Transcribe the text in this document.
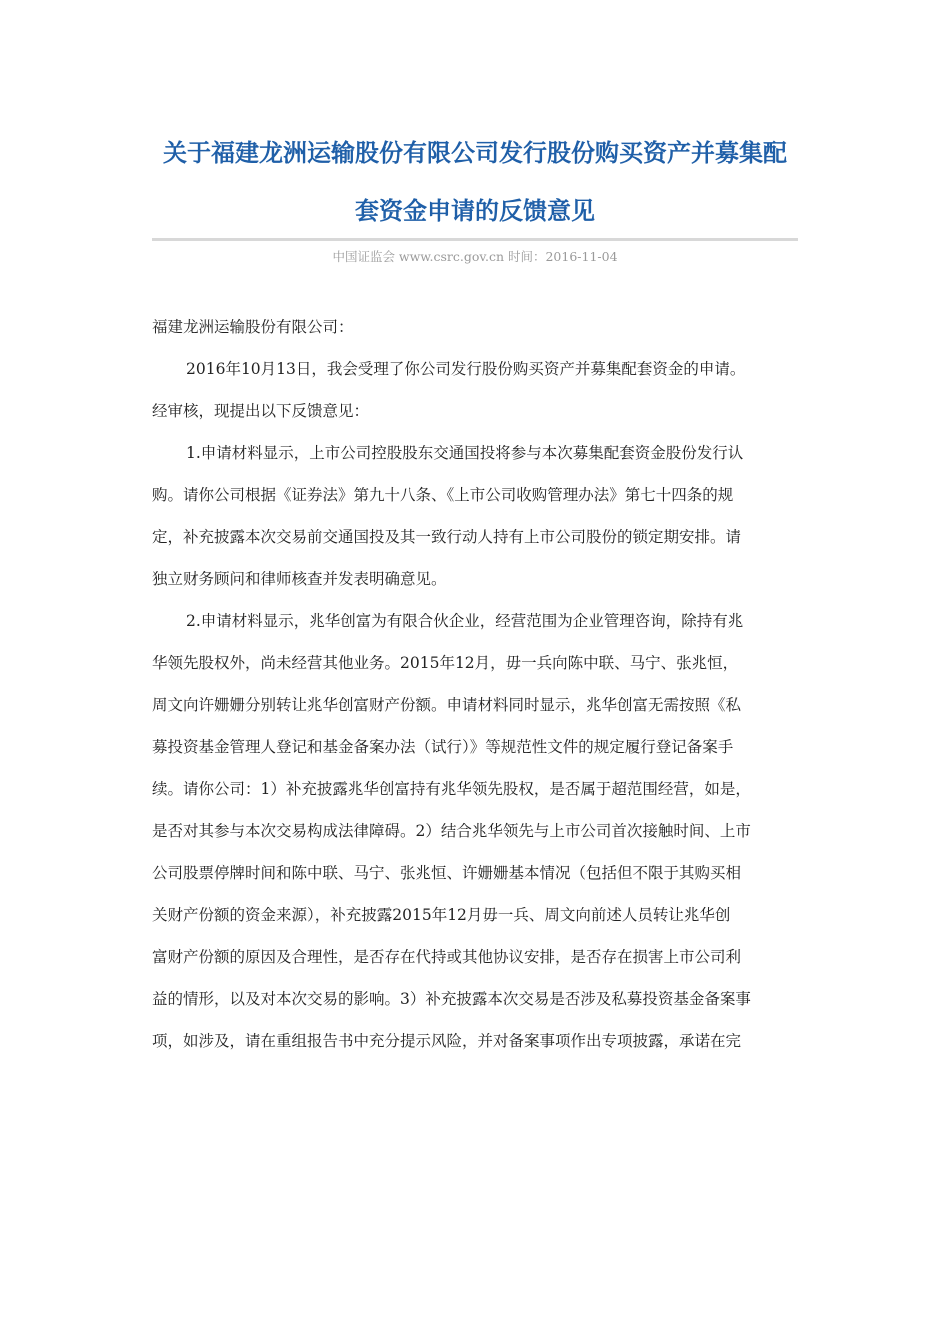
关于福建龙洲运输股份有限公司发行股份购买资产并募集配
套资金申请的反馈意见
中国证监会 www.csrc.gov.cn 时间：2016-11-04

福建龙洲运输股份有限公司：

2016年10月13日，我会受理了你公司发行股份购买资产并募集配套资金的申请。
经审核，现提出以下反馈意见：

1.申请材料显示，上市公司控股股东交通国投将参与本次募集配套资金股份发行认
购。请你公司根据《证券法》第九十八条、《上市公司收购管理办法》第七十四条的规
定，补充披露本次交易前交通国投及其一致行动人持有上市公司股份的锁定期安排。请
独立财务顾问和律师核查并发表明确意见。

2.申请材料显示，兆华创富为有限合伙企业，经营范围为企业管理咨询，除持有兆
华领先股权外，尚未经营其他业务。2015年12月，毋一兵向陈中联、马宁、张兆恒，
周文向许姗姗分别转让兆华创富财产份额。申请材料同时显示，兆华创富无需按照《私
募投资基金管理人登记和基金备案办法（试行）》等规范性文件的规定履行登记备案手
续。请你公司：1）补充披露兆华创富持有兆华领先股权，是否属于超范围经营，如是，
是否对其参与本次交易构成法律障碍。2）结合兆华领先与上市公司首次接触时间、上市
公司股票停牌时间和陈中联、马宁、张兆恒、许姗姗基本情况（包括但不限于其购买相
关财产份额的资金来源），补充披露2015年12月毋一兵、周文向前述人员转让兆华创
富财产份额的原因及合理性，是否存在代持或其他协议安排，是否存在损害上市公司利
益的情形，以及对本次交易的影响。3）补充披露本次交易是否涉及私募投资基金备案事
项，如涉及，请在重组报告书中充分提示风险，并对备案事项作出专项披露，承诺在完
